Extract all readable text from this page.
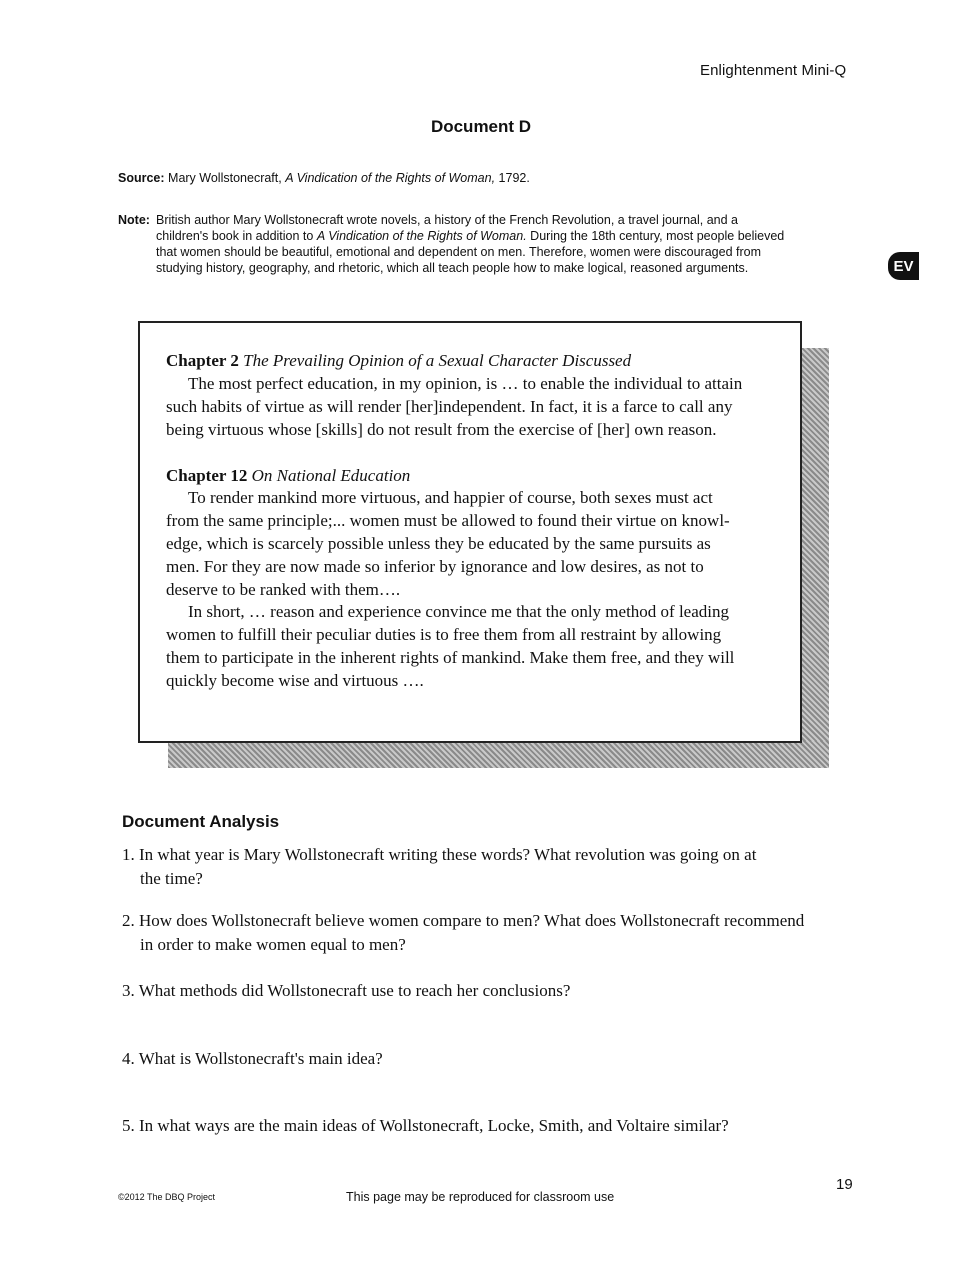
Enlightenment Mini-Q
Document D
Source: Mary Wollstonecraft, A Vindication of the Rights of Woman, 1792.
Note: British author Mary Wollstonecraft wrote novels, a history of the French Revolution, a travel journal, and a
children's book in addition to A Vindication of the Rights of Woman. During the 18th century, most people believed
that women should be beautiful, emotional and dependent on men. Therefore, women were discouraged from
studying history, geography, and rhetoric, which all teach people how to make logical, reasoned arguments.	EV
Chapter 2 The Prevailing Opinion of a Sexual Character Discussed
The most perfect education, in my opinion, is … to enable the individual to attain
such habits of virtue as will render [her]independent. In fact, it is a farce to call any
being virtuous whose [skills] do not result from the exercise of [her] own reason.
Chapter 12 On National Education
To render mankind more virtuous, and happier of course, both sexes must act
from the same principle;... women must be allowed to found their virtue on knowl-
edge, which is scarcely possible unless they be educated by the same pursuits as
men. For they are now made so inferior by ignorance and low desires, as not to
deserve to be ranked with them….
In short, … reason and experience convince me that the only method of leading
women to fulfill their peculiar duties is to free them from all restraint by allowing
them to participate in the inherent rights of mankind. Make them free, and they will
quickly become wise and virtuous ….
Document Analysis
1. In what year is Mary Wollstonecraft writing these words? What revolution was going on at
the time?
2. How does Wollstonecraft believe women compare to men? What does Wollstonecraft recommend
in order to make women equal to men?
3. What methods did Wollstonecraft use to reach her conclusions?
4. What is Wollstonecraft's main idea?
5. In what ways are the main ideas of Wollstonecraft, Locke, Smith, and Voltaire similar?
©2012 The DBQ Project	This page may be reproduced for classroom use
19
